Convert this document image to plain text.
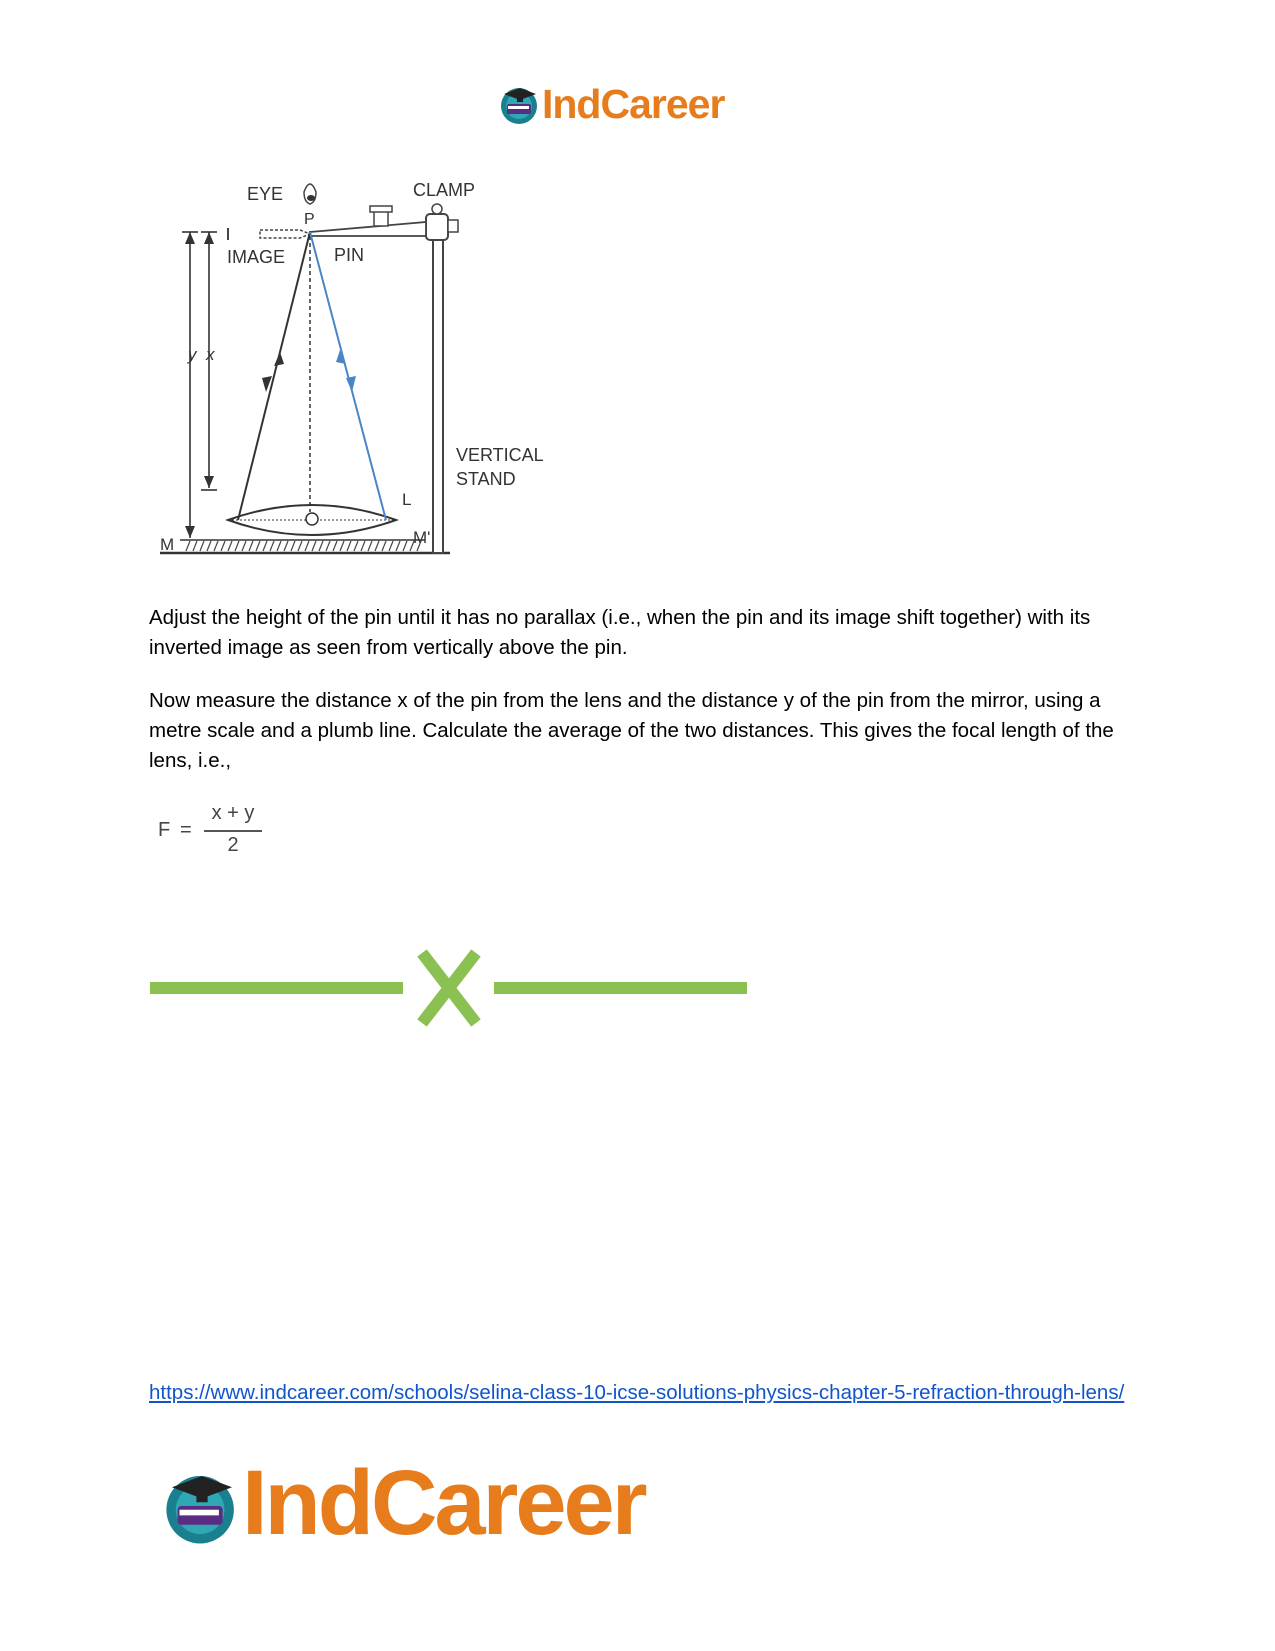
IndCareer
EYE	CLAMP
P
IMAGE	PIN
y x
VERTICAL
STAND
L
M	M'

Adjust the height of the pin until it has no parallax (i.e., when the pin and its image shift together) with its inverted image as seen from vertically above the pin.

Now measure the distance x of the pin from the lens and the distance y of the pin from the mirror, using a metre scale and a plumb line. Calculate the average of the two distances. This gives the focal length of the lens, i.e.,

F =
x + y
2
https://www.indcareer.com/schools/selina-class-10-icse-solutions-physics-chapter-5-refraction-through-lens/
IndCareer
